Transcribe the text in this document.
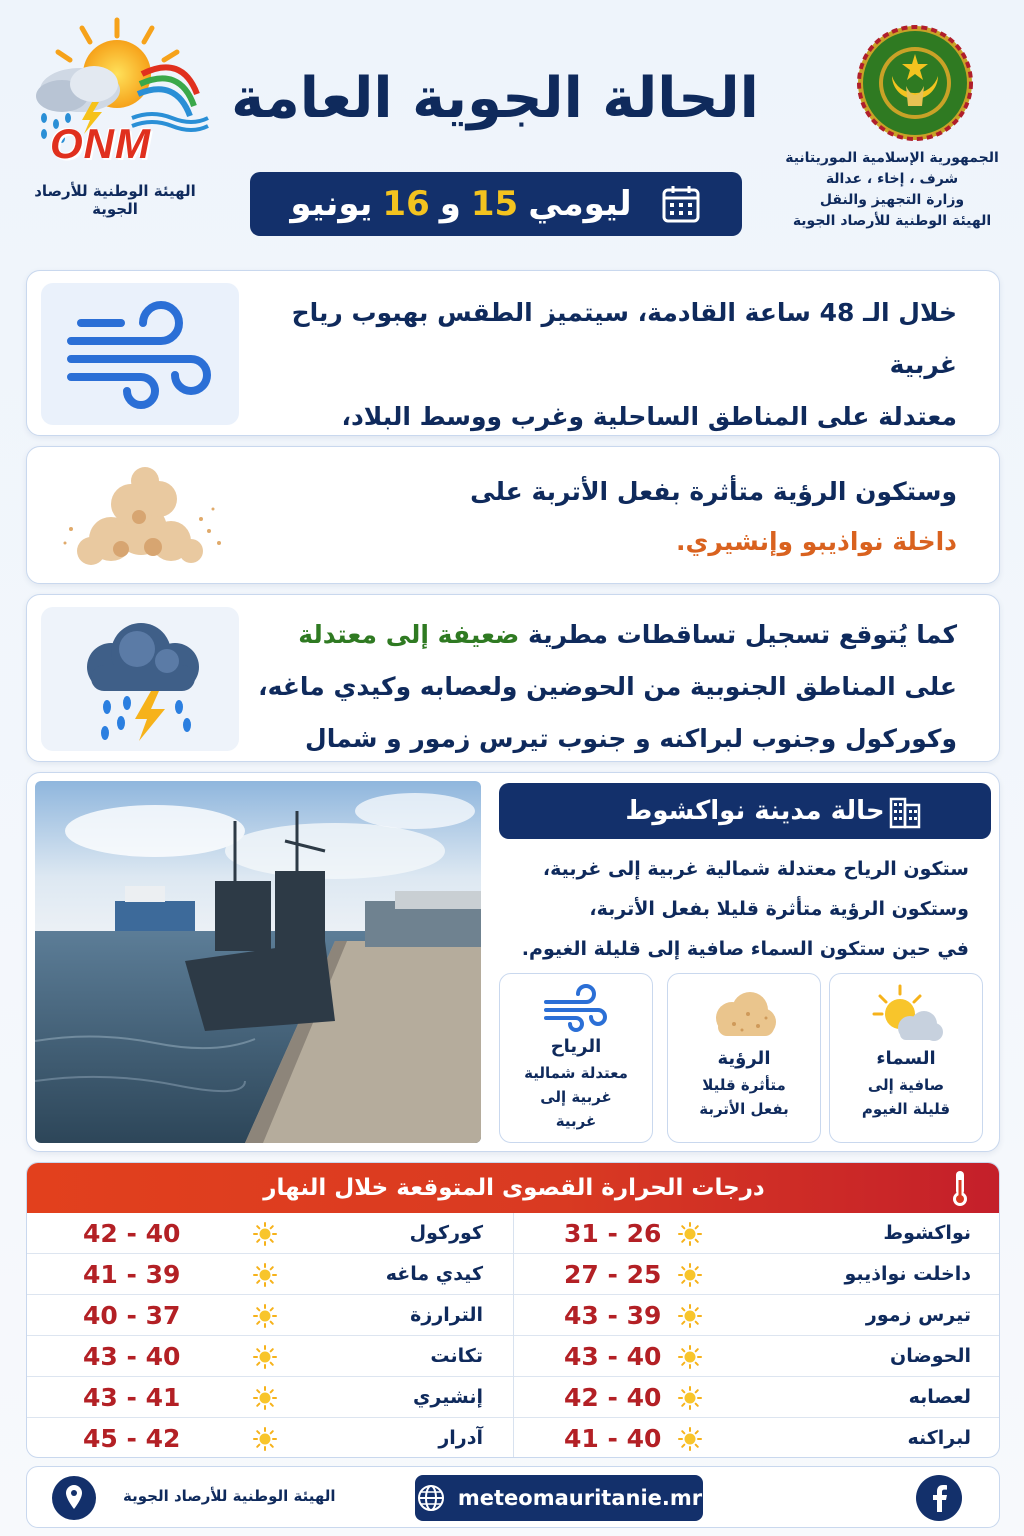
ONM
الهيئة الوطنية للأرصاد الجوية
الحالة الجوية العامة
ليومي
15
و
16
يونيو
الجمهورية الإسلامية الموريتانية
شرف ، إخاء ، عدالة
وزارة التجهيز والنقل
الهيئة الوطنية للأرصاد الجوية
خلال الـ 48 ساعة القادمة، سيتميز الطقس بهبوب رياح غربية
معتدلة على المناطق الساحلية وغرب ووسط البلاد،
وستكون الرؤية متأثرة بفعل الأتربة على
داخلة نواذيبو وإنشيري.
كما يُتوقع تسجيل تساقطات مطرية ضعيفة إلى معتدلة
على المناطق الجنوبية من الحوضين ولعصابه وكيدي ماغه،
وكوركول وجنوب لبراكنه و جنوب تيرس زمور و شمال
حالة مدينة نواكشوط
ستكون الرياح معتدلة شمالية غربية إلى غربية،
وستكون الرؤية متأثرة قليلا بفعل الأتربة،
في حين ستكون السماء صافية إلى قليلة الغيوم.
السماء
صافية إلى
قليلة الغيوم
الرؤية
متأثرة قليلا
بفعل الأتربة
الرياح
معتدلة شمالية
غربية إلى
غربية
درجات الحرارة القصوى المتوقعة خلال النهار
نواكشوط
31 - 26
داخلت نواذيبو
27 - 25
تيرس زمور
43 - 39
الحوضان
43 - 40
لعصابه
42 - 40
لبراكنه
41 - 40
كوركول
42 - 40
كيدي ماغه
41 - 39
الترارزة
40 - 37
تكانت
43 - 40
إنشيري
43 - 41
آدرار
45 - 42
الهيئة الوطنية للأرصاد الجوية	meteomauritanie.mr
